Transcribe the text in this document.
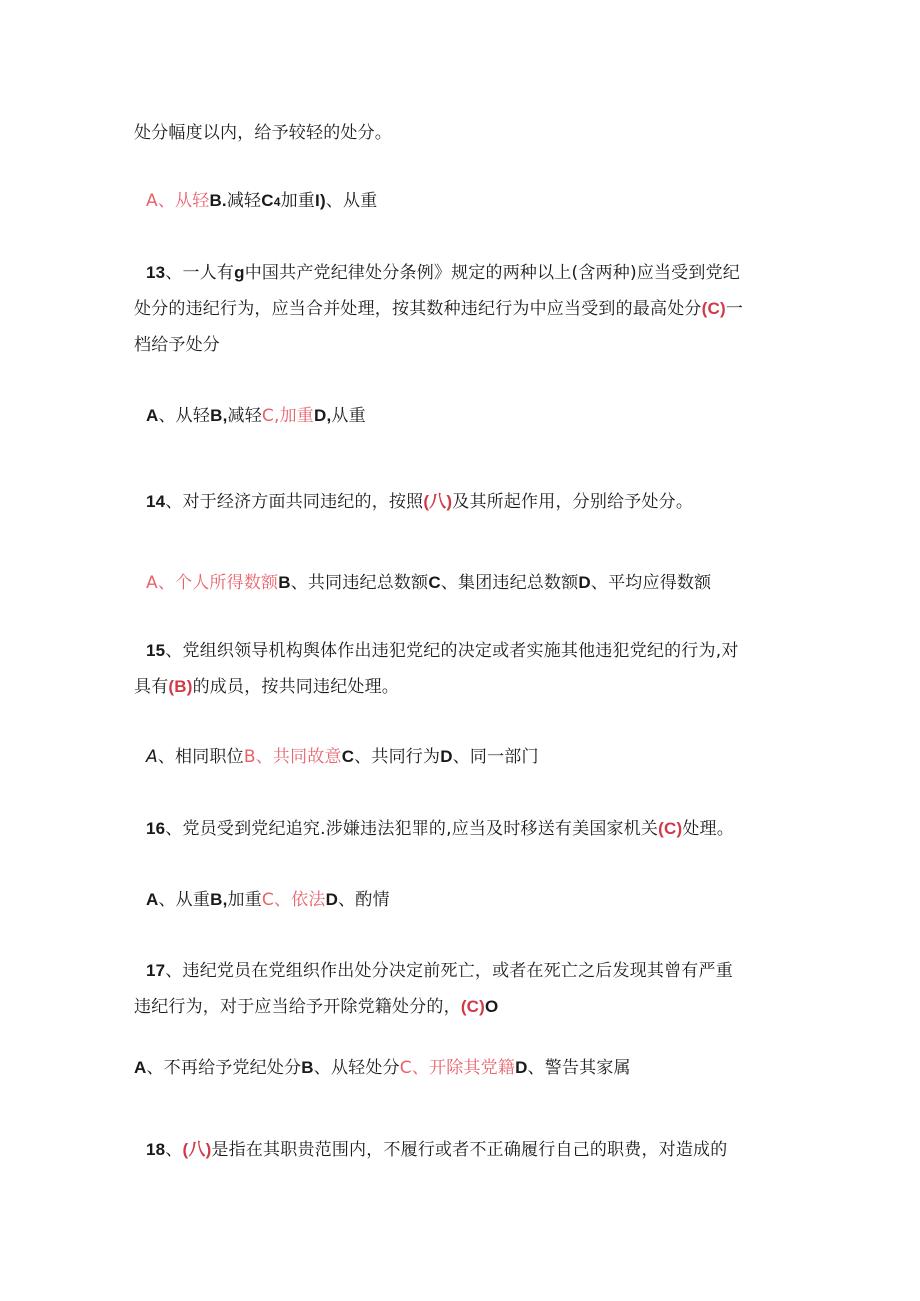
处分幅度以内，给予较轻的处分。
A、从轻B.减轻C4加重I)、从重
13、一人有g中国共产党纪律处分条例》规定的两种以上(含两种)应当受到党纪
处分的违纪行为，应当合并处理，按其数种违纪行为中应当受到的最高处分(C)一
档给予处分
A、从轻B,减轻C,加重D,从重
14、对于经济方面共同违纪的，按照(八)及其所起作用，分别给予处分。
A、个人所得数额B、共同违纪总数额C、集团违纪总数额D、平均应得数额
15、党组织领导机构舆体作出违犯党纪的决定或者实施其他违犯党纪的行为,对
具有(B)的成员，按共同违纪处理。
A、相同职位B、共同故意C、共同行为D、同一部门
16、党员受到党纪追究.涉嫌违法犯罪的,应当及时移送有美国家机关(C)处理。
A、从重B,加重C、依法D、酌情
17、违纪党员在党组织作出处分决定前死亡，或者在死亡之后发现其曾有严重
违纪行为，对于应当给予开除党籍处分的，(C)O
A、不再给予党纪处分B、从轻处分C、开除其党籍D、警告其家属
18、(八)是指在其职贵范围内，不履行或者不正确履行自己的职费，对造成的
